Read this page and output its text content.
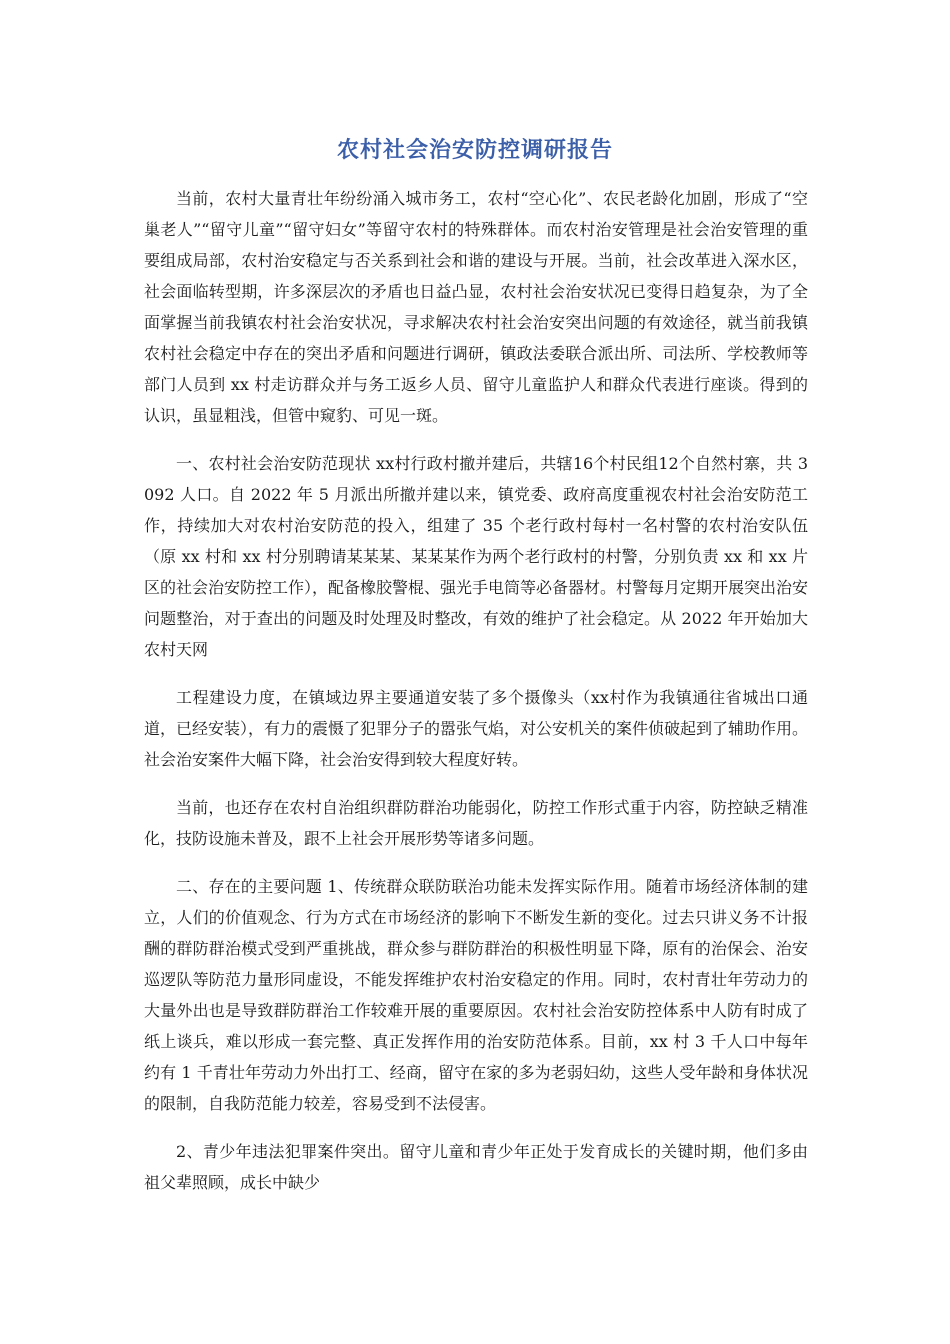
农村社会治安防控调研报告

当前，农村大量青壮年纷纷涌入城市务工，农村“空心化”、农民老龄化加剧，形成了“空巢老人”“留守儿童”“留守妇女”等留守农村的特殊群体。而农村治安管理是社会治安管理的重要组成局部，农村治安稳定与否关系到社会和谐的建设与开展。当前，社会改革进入深水区，社会面临转型期，许多深层次的矛盾也日益凸显，农村社会治安状况已变得日趋复杂，为了全面掌握当前我镇农村社会治安状况，寻求解决农村社会治安突出问题的有效途径，就当前我镇农村社会稳定中存在的突出矛盾和问题进行调研，镇政法委联合派出所、司法所、学校教师等部门人员到 xx 村走访群众并与务工返乡人员、留守儿童监护人和群众代表进行座谈。得到的认识，虽显粗浅，但管中窥豹、可见一斑。

一、农村社会治安防范现状 xx村行政村撤并建后，共辖16个村民组12个自然村寨，共 3092 人口。自 2022 年 5 月派出所撤并建以来，镇党委、政府高度重视农村社会治安防范工作，持续加大对农村治安防范的投入，组建了 35 个老行政村每村一名村警的农村治安队伍（原 xx 村和 xx 村分别聘请某某某、某某某作为两个老行政村的村警，分别负责 xx 和 xx 片区的社会治安防控工作），配备橡胶警棍、强光手电筒等必备器材。村警每月定期开展突出治安问题整治，对于查出的问题及时处理及时整改，有效的维护了社会稳定。从 2022 年开始加大农村天网

工程建设力度，在镇域边界主要通道安装了多个摄像头（xx村作为我镇通往省城出口通道，已经安装），有力的震慑了犯罪分子的嚣张气焰，对公安机关的案件侦破起到了辅助作用。社会治安案件大幅下降，社会治安得到较大程度好转。

当前，也还存在农村自治组织群防群治功能弱化，防控工作形式重于内容，防控缺乏精准化，技防设施未普及，跟不上社会开展形势等诸多问题。

二、存在的主要问题 1、传统群众联防联治功能未发挥实际作用。随着市场经济体制的建立，人们的价值观念、行为方式在市场经济的影响下不断发生新的变化。过去只讲义务不计报酬的群防群治模式受到严重挑战，群众参与群防群治的积极性明显下降，原有的治保会、治安巡逻队等防范力量形同虚设，不能发挥维护农村治安稳定的作用。同时，农村青壮年劳动力的大量外出也是导致群防群治工作较难开展的重要原因。农村社会治安防控体系中人防有时成了纸上谈兵，难以形成一套完整、真正发挥作用的治安防范体系。目前，xx 村 3 千人口中每年约有 1 千青壮年劳动力外出打工、经商，留守在家的多为老弱妇幼，这些人受年龄和身体状况的限制，自我防范能力较差，容易受到不法侵害。

2、青少年违法犯罪案件突出。留守儿童和青少年正处于发育成长的关键时期，他们多由祖父辈照顾，成长中缺少
